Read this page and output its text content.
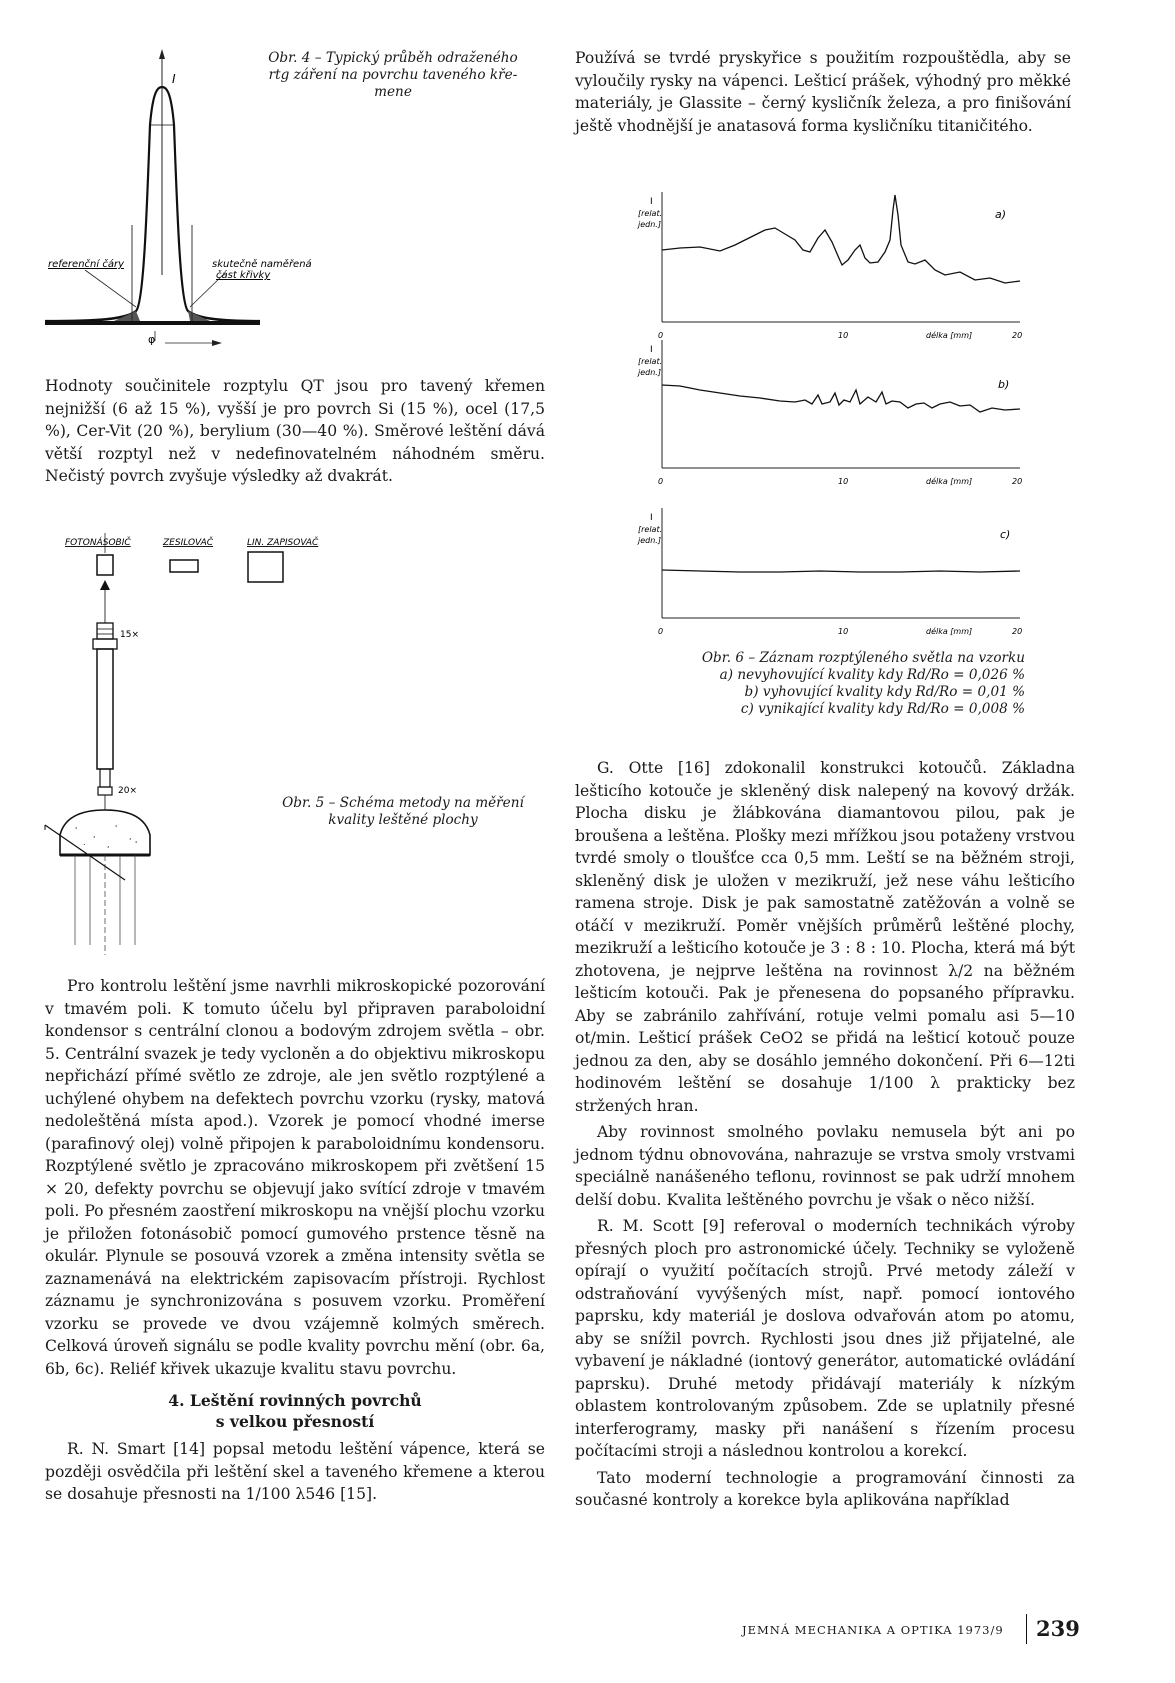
I
φ
referenční čáry	skutečně naměřená
část křivky
Obr. 4 – Typický průběh odraženého
rtg záření na povrchu taveného kře-
mene

Používá se tvrdé pryskyřice s použitím rozpouštědla, aby se vyloučily rysky na vápenci. Lešticí prášek, výhodný pro měkké materiály, je Glassite – černý kysličník železa, a pro finišování ještě vhodnější je anatasová forma kysličníku titaničitého.

I
[relat.
jedn.]
a)
0	10	délka [mm]	20
I
[relat.
jedn.]
b)
0	10	délka [mm]	20
I
[relat.
jedn.]	c)
0	10	délka [mm]	20
Obr. 6 – Záznam rozptýleného světla na vzorku
a) nevyhovující kvality kdy Rd/Ro = 0,026 %
b) vyhovující kvality kdy Rd/Ro = 0,01 %
c) vynikající kvality kdy Rd/Ro = 0,008 %

Hodnoty součinitele rozptylu QT jsou pro tavený křemen nejnižší (6 až 15 %), vyšší je pro povrch Si (15 %), ocel (17,5 %), Cer-Vit (20 %), berylium (30—40 %). Směrové leštění dává větší rozptyl než v nedefinovatelném náhodném směru. Nečistý povrch zvyšuje výsledky až dvakrát.

FOTONÁSOBIČ	ZESILOVAČ	LIN. ZAPISOVAČ
15×
20×
' ,
'
,
.	,	'
Obr. 5 – Schéma metody na měření
kvality leštěné plochy

Pro kontrolu leštění jsme navrhli mikroskopické pozorování v tmavém poli. K tomuto účelu byl připraven paraboloidní kondensor s centrální clonou a bodovým zdrojem světla – obr. 5. Centrální svazek je tedy vycloněn a do objektivu mikroskopu nepřichází přímé světlo ze zdroje, ale jen světlo rozptýlené a uchýlené ohybem na defektech povrchu vzorku (rysky, matová nedoleštěná místa apod.). Vzorek je pomocí vhodné imerse (parafinový olej) volně připojen k paraboloidnímu kondensoru. Rozptýlené světlo je zpracováno mikroskopem při zvětšení 15 × 20, defekty povrchu se objevují jako svítící zdroje v tmavém poli. Po přesném zaostření mikroskopu na vnější plochu vzorku je přiložen fotonásobič pomocí gumového prstence těsně na okulár. Plynule se posouvá vzorek a změna intensity světla se zaznamenává na elektrickém zapisovacím přístroji. Rychlost záznamu je synchronizována s posuvem vzorku. Proměření vzorku se provede ve dvou vzájemně kolmých směrech. Celková úroveň signálu se podle kvality povrchu mění (obr. 6a, 6b, 6c). Reliéf křivek ukazuje kvalitu stavu povrchu.

4. Leštění rovinných povrchů
s velkou přesností

R. N. Smart [14] popsal metodu leštění vápence, která se později osvědčila při leštění skel a taveného křemene a kterou se dosahuje přesnosti na 1/100 λ546 [15].

G. Otte [16] zdokonalil konstrukci kotoučů. Základna lešticího kotouče je skleněný disk nalepený na kovový držák. Plocha disku je žlábkována diamantovou pilou, pak je broušena a leštěna. Plošky mezi mřížkou jsou potaženy vrstvou tvrdé smoly o tloušťce cca 0,5 mm. Leští se na běžném stroji, skleněný disk je uložen v mezikruží, jež nese váhu lešticího ramena stroje. Disk je pak samostatně zatěžován a volně se otáčí v mezikruží. Poměr vnějších průměrů leštěné plochy, mezikruží a lešticího kotouče je 3 : 8 : 10. Plocha, která má být zhotovena, je nejprve leštěna na rovinnost λ/2 na běžném lešticím kotouči. Pak je přenesena do popsaného přípravku. Aby se zabránilo zahřívání, rotuje velmi pomalu asi 5—10 ot/min. Lešticí prášek CeO2 se přidá na lešticí kotouč pouze jednou za den, aby se dosáhlo jemného dokončení. Při 6—12ti hodinovém leštění se dosahuje 1/100 λ prakticky bez stržených hran.

Aby rovinnost smolného povlaku nemusela být ani po jednom týdnu obnovována, nahrazuje se vrstva smoly vrstvami speciálně nanášeného teflonu, rovinnost se pak udrží mnohem delší dobu. Kvalita leštěného povrchu je však o něco nižší.

R. M. Scott [9] referoval o moderních technikách výroby přesných ploch pro astronomické účely. Techniky se vyloženě opírají o využití počítacích strojů. Prvé metody záleží v odstraňování vyvýšených míst, např. pomocí iontového paprsku, kdy materiál je doslova odvařován atom po atomu, aby se snížil povrch. Rychlosti jsou dnes již přijatelné, ale vybavení je nákladné (iontový generátor, automatické ovládání paprsku). Druhé metody přidávají materiály k nízkým oblastem kontrolovaným způsobem. Zde se uplatnily přesné interferogramy, masky při nanášení s řízením procesu počítacími stroji a následnou kontrolou a korekcí.

Tato moderní technologie a programování činnosti za současné kontroly a korekce byla aplikována například

JEMNÁ MECHANIKA A OPTIKA 1973/9 239
